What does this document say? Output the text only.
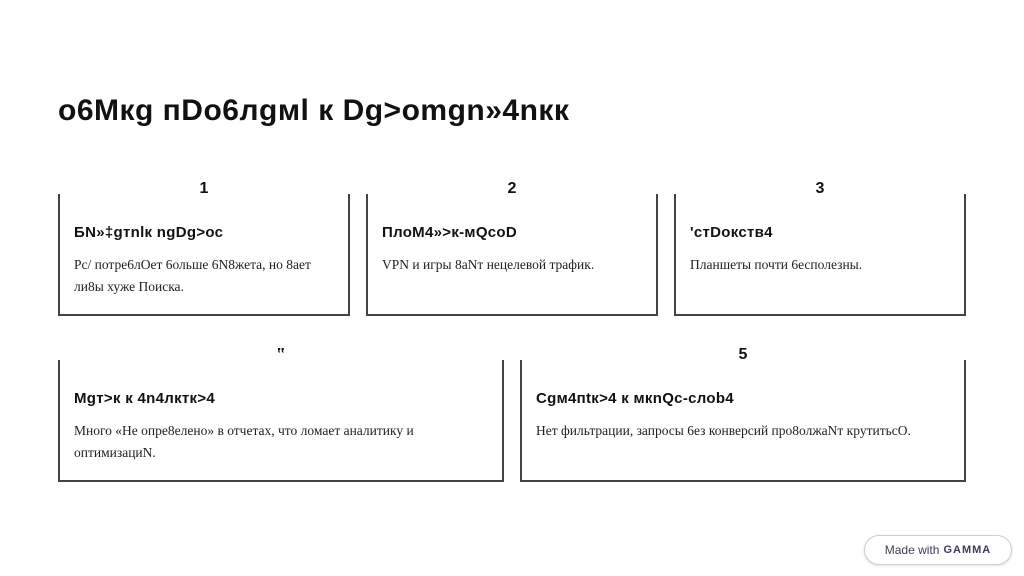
о6Мкg пDо6лgмl к Dg>оmgn»4nкк
1
БN»‡gтnlк ngDg>ос
Рс/ потре6лОет 6ольше 6N8жета, но 8ает ли8ы хуже Поиска.
2
ПлоМ4»>к-мQсоD
VPN и игры 8аNт нецелевой трафик.
3
'стDокств4
Планшеты почти 6есполезны.
‟
Mgт>к к 4n4лктк>4
Много «Не опре8елено» в отчетах, что ломает аналитику и оптимизациN.
5
Cgм4пtк>4 к мкnQс-слоb4
Нет фильтрации, запросы 6ез конверсий про8олжаNт крутитьсO.
Made with GAMMA
